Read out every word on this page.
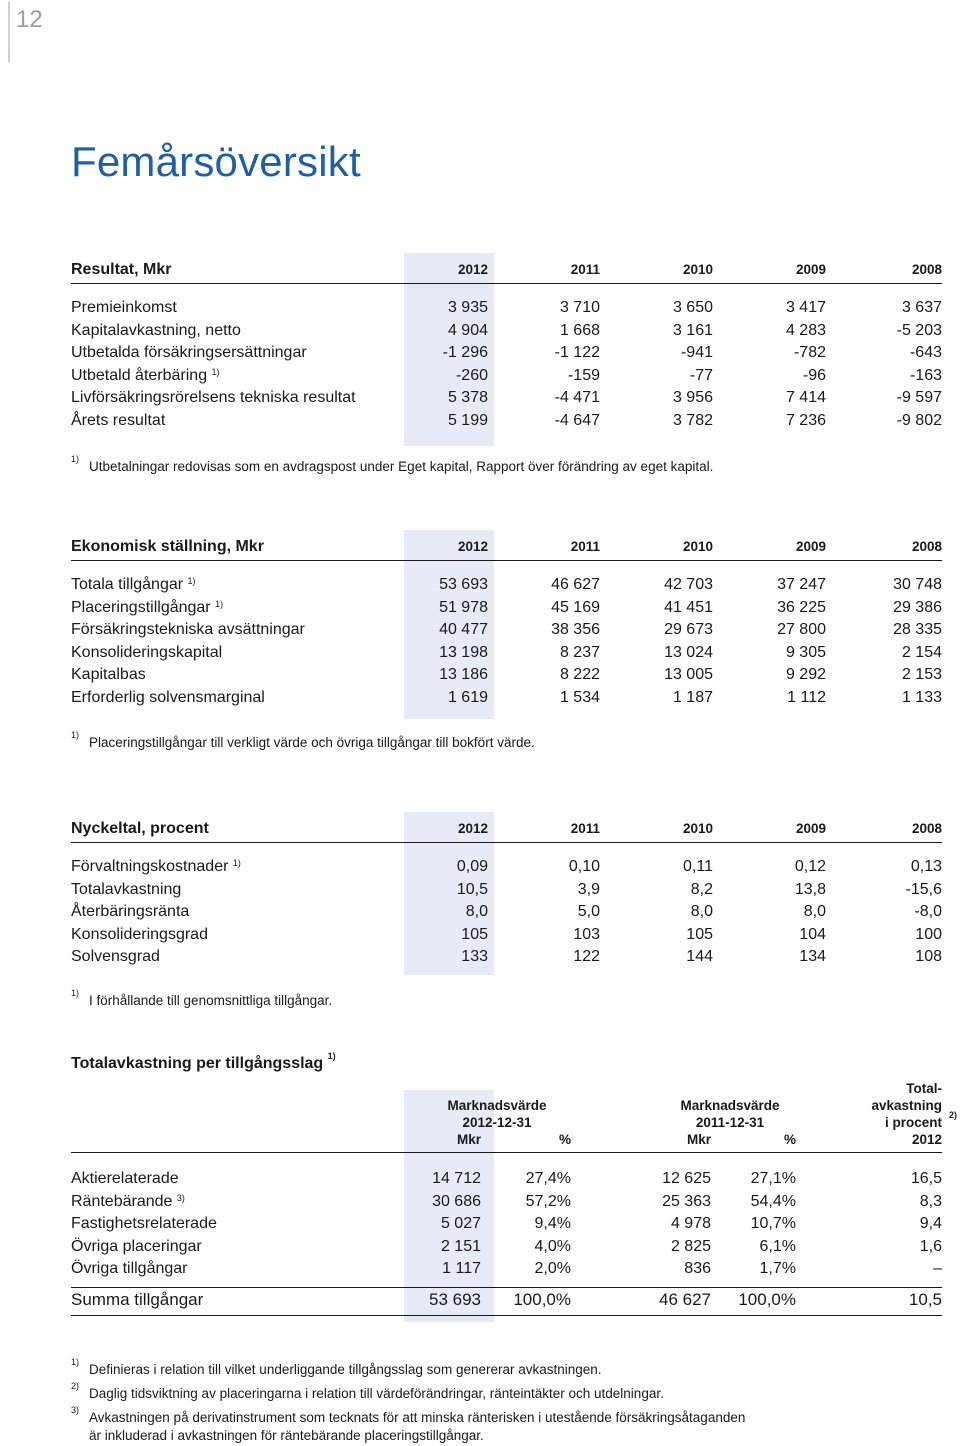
12
Femårsöversikt
Resultat, Mkr	2012	2011	2010	2009	2008

Premieinkomst	3 935	3 710	3 650	3 417	3 637
Kapitalavkastning, netto	4 904	1 668	3 161	4 283	-5 203
Utbetalda försäkringsersättningar	-1 296	-1 122	-941	-782	-643
Utbetald återbäring $^{1)}$	-260	-159	-77	-96	-163
Livförsäkringsrörelsens tekniska resultat	5 378	-4 471	3 956	7 414	-9 597
Årets resultat	5 199	-4 647	3 782	7 236	-9 802
1) Utbetalningar redovisas som en avdragspost under Eget kapital, Rapport över förändring av eget kapital.
Ekonomisk ställning, Mkr	2012	2011	2010	2009	2008

Totala tillgångar $^{1)}$	53 693	46 627	42 703	37 247	30 748
Placeringstillgångar $^{1)}$	51 978	45 169	41 451	36 225	29 386
Försäkringstekniska avsättningar	40 477	38 356	29 673	27 800	28 335
Konsolideringskapital	13 198	8 237	13 024	9 305	2 154
Kapitalbas	13 186	8 222	13 005	9 292	2 153
Erforderlig solvensmarginal	1 619	1 534	1 187	1 112	1 133
1) Placeringstillgångar till verkligt värde och övriga tillgångar till bokfört värde.
Nyckeltal, procent	2012	2011	2010	2009	2008

Förvaltningskostnader $^{1)}$	0,09	0,10	0,11	0,12	0,13
Totalavkastning	10,5	3,9	8,2	13,8	-15,6
Återbäringsränta	8,0	5,0	8,0	8,0	-8,0
Konsolideringsgrad	105	103	105	104	100
Solvensgrad	133	122	144	134	108
1) I förhållande till genomsnittliga tillgångar.
Totalavkastning per tillgångsslag $^{1)}$
Marknadsvärde
2012-12-31
Mkr	%
Marknadsvärde
2011-12-31
Mkr	%
Total-
avkastning
i procent 2)
2012
Aktierelaterade	14 712	27,4%	12 625	27,1%	16,5
Räntebärande $^{3)}$	30 686	57,2%	25 363	54,4%	8,3
Fastighetsrelaterade	5 027	9,4%	4 978	10,7%	9,4
Övriga placeringar	2 151	4,0%	2 825	6,1%	1,6
Övriga tillgångar	1 117	2,0%	836	1,7%	–
Summa tillgångar	53 693	100,0%	46 627	100,0%	10,5
1) Definieras i relation till vilket underliggande tillgångsslag som genererar avkastningen.
2) Daglig tidsviktning av placeringarna i relation till värdeförändringar, ränteintäkter och utdelningar.
3) Avkastningen på derivatinstrument som tecknats för att minska ränterisken i utestående försäkringsåtaganden
är inkluderad i avkastningen för räntebärande placeringstillgångar.
